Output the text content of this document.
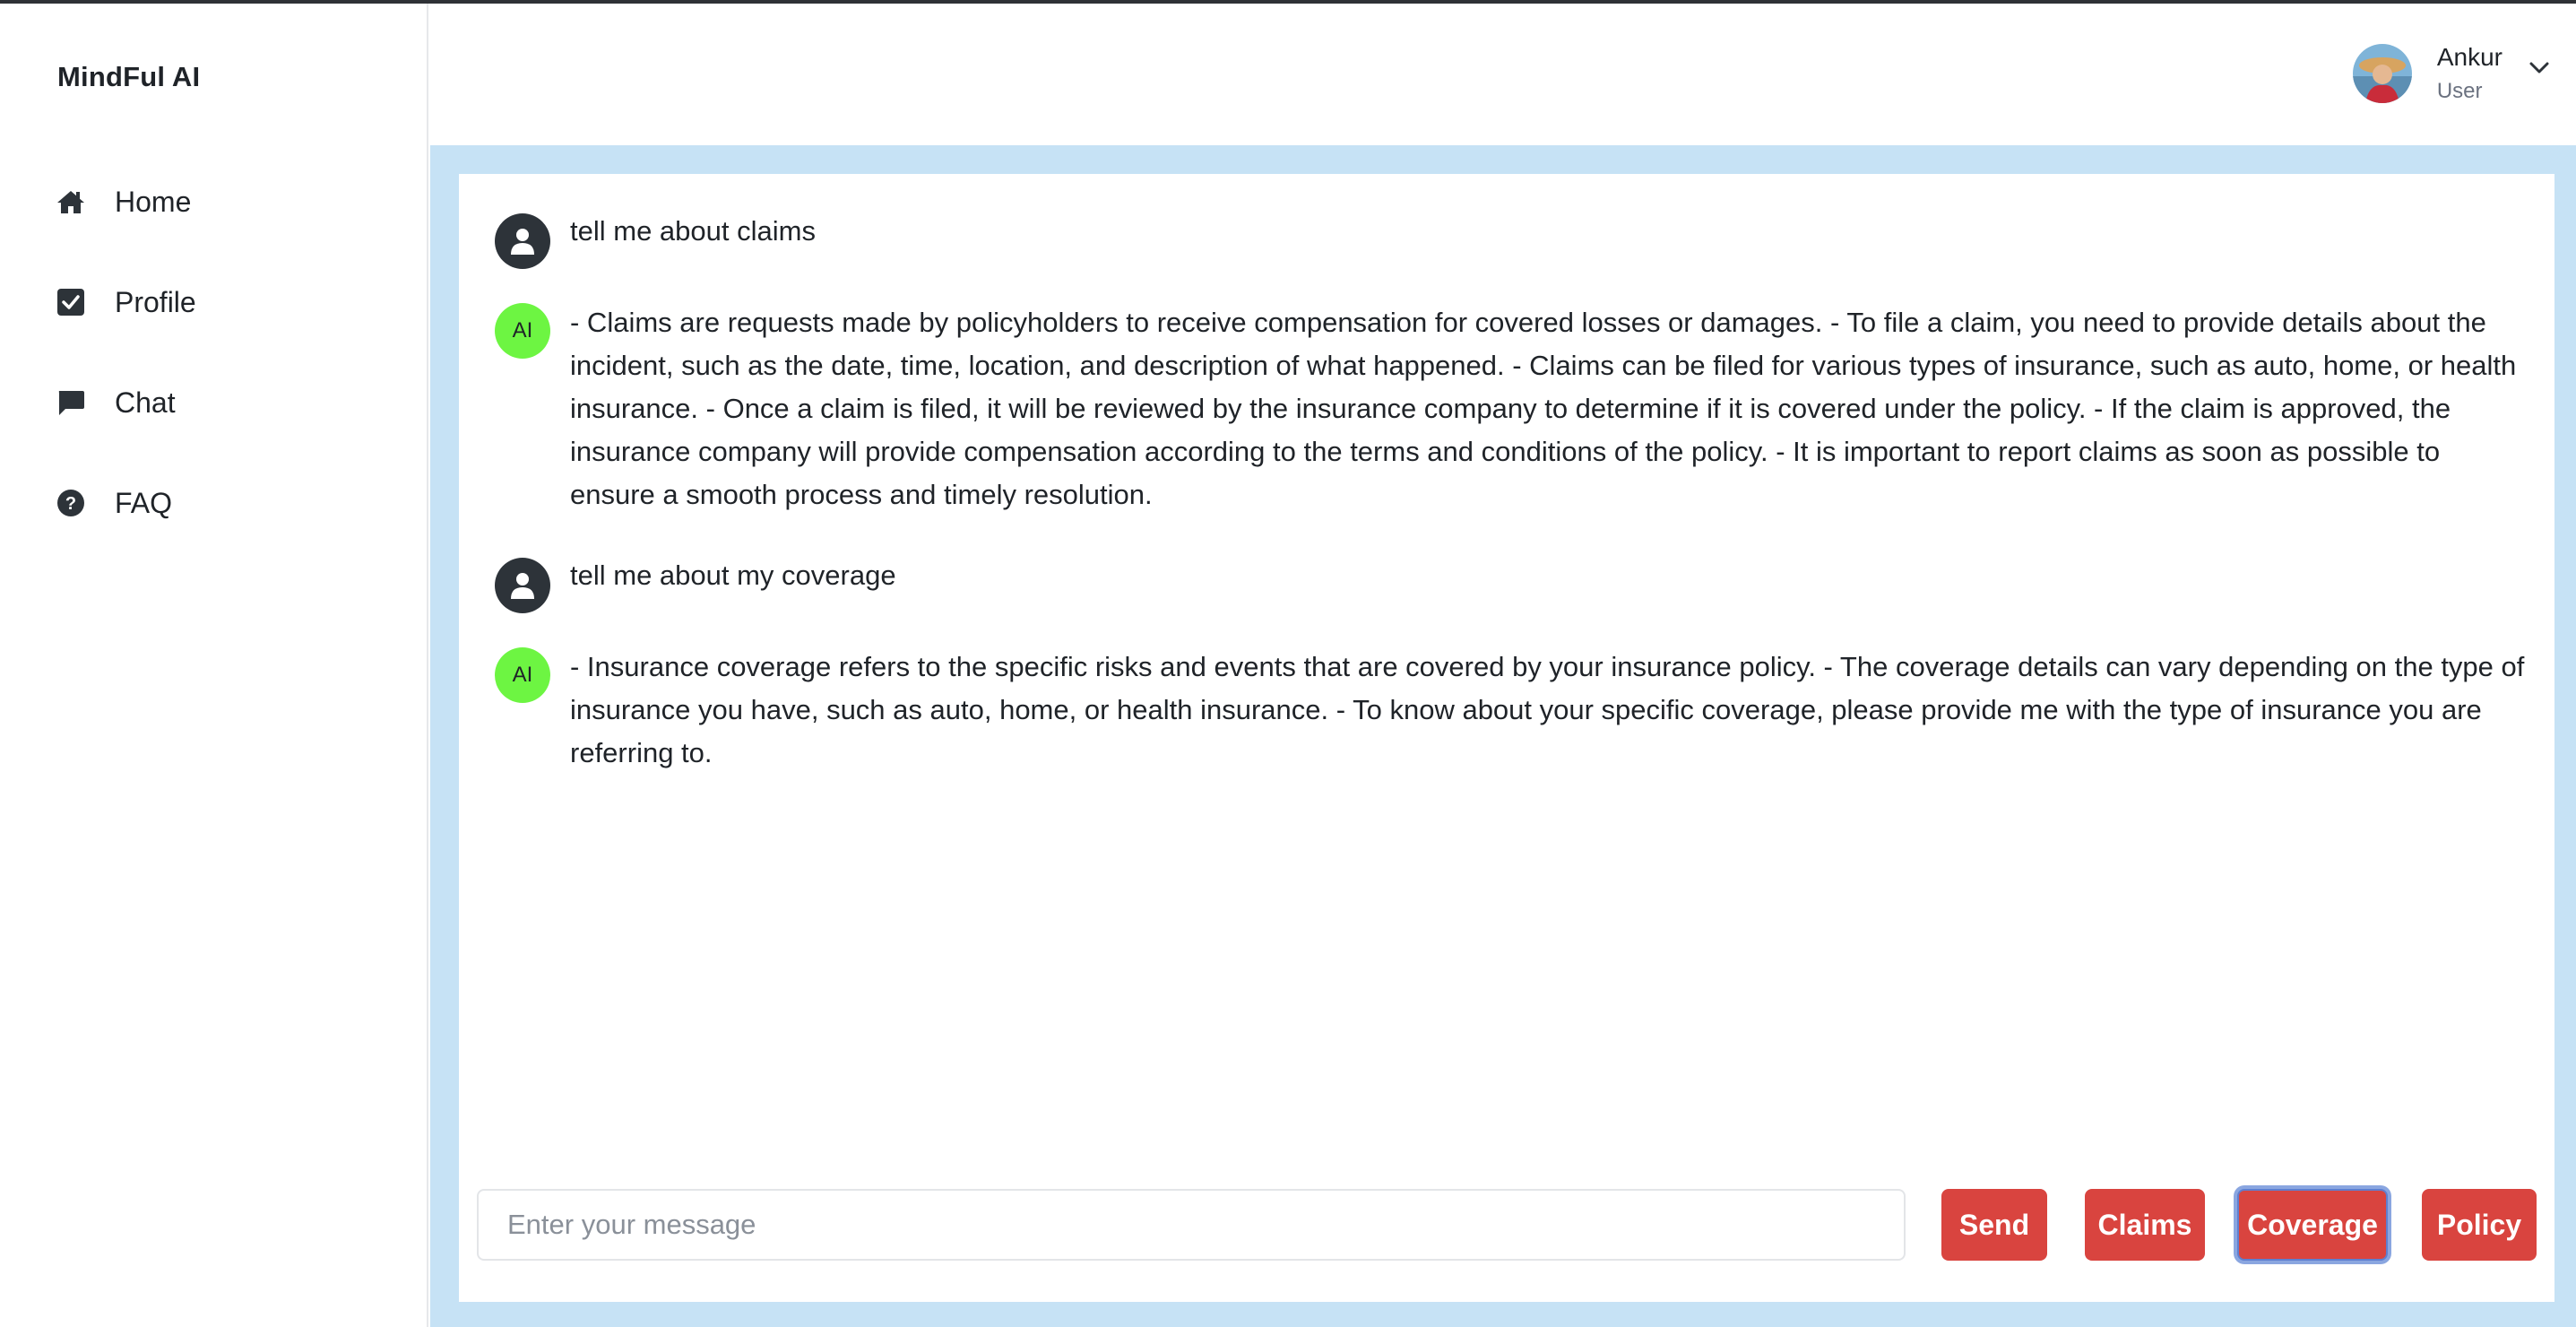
MindFul AI
Home
Profile
Chat
? FAQ
Ankur
User
tell me about claims
AI	- Claims are requests made by policyholders to receive compensation for covered losses or damages. - To file a claim, you need to provide details about the incident, such as the date, time, location, and description of what happened. - Claims can be filed for various types of insurance, such as auto, home, or health insurance. - Once a claim is filed, it will be reviewed by the insurance company to determine if it is covered under the policy. - If the claim is approved, the insurance company will provide compensation according to the terms and conditions of the policy. - It is important to report claims as soon as possible to ensure a smooth process and timely resolution.
tell me about my coverage
AI	- Insurance coverage refers to the specific risks and events that are covered by your insurance policy. - The coverage details can vary depending on the type of insurance you have, such as auto, home, or health insurance. - To know about your specific coverage, please provide me with the type of insurance you are referring to.
Enter your message
Send	Claims	Coverage	Policy
